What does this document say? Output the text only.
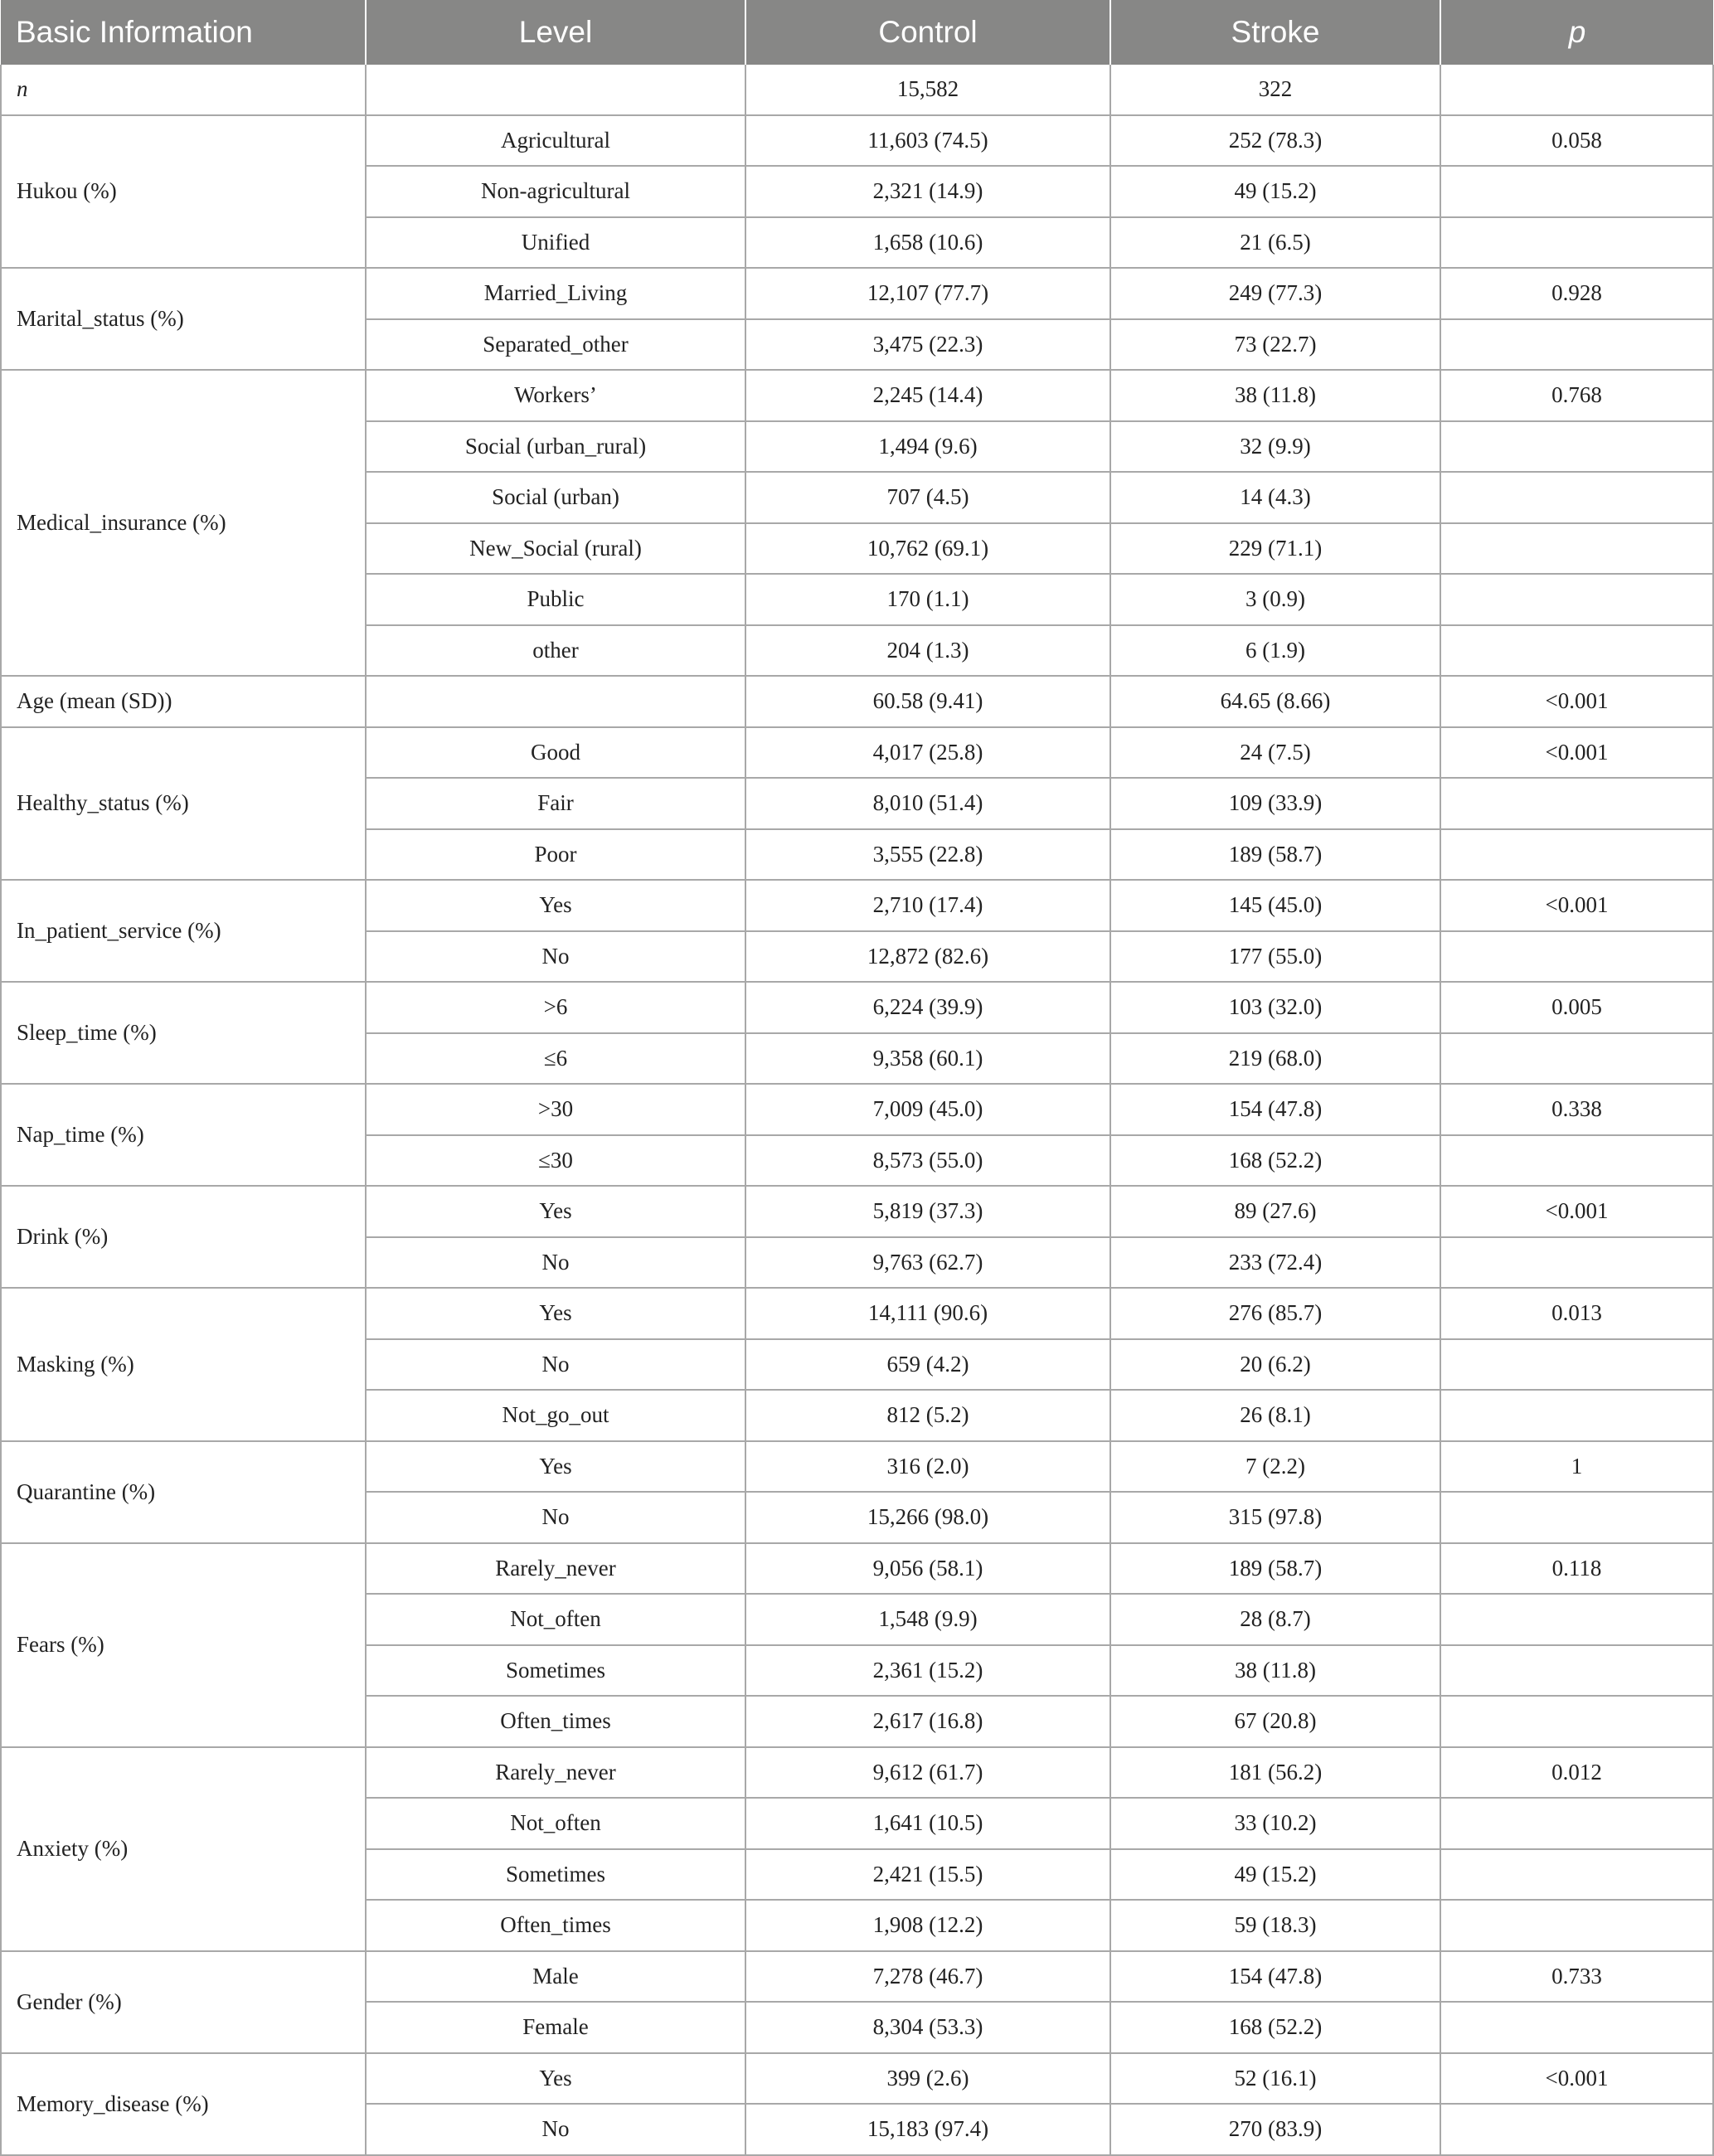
Basic Information	Level	Control	Stroke	p
n		15,582	322	
Hukou (%)	Agricultural	11,603 (74.5)	252 (78.3)	0.058
	Non-agricultural	2,321 (14.9)	49 (15.2)	
	Unified	1,658 (10.6)	21 (6.5)	
Marital_status (%)	Married_Living	12,107 (77.7)	249 (77.3)	0.928
	Separated_other	3,475 (22.3)	73 (22.7)	
Medical_insurance (%)	Workers’	2,245 (14.4)	38 (11.8)	0.768
	Social (urban_rural)	1,494 (9.6)	32 (9.9)	
	Social (urban)	707 (4.5)	14 (4.3)	
	New_Social (rural)	10,762 (69.1)	229 (71.1)	
	Public	170 (1.1)	3 (0.9)	
	other	204 (1.3)	6 (1.9)	
Age (mean (SD))		60.58 (9.41)	64.65 (8.66)	<0.001
Healthy_status (%)	Good	4,017 (25.8)	24 (7.5)	<0.001
	Fair	8,010 (51.4)	109 (33.9)	
	Poor	3,555 (22.8)	189 (58.7)	
In_patient_service (%)	Yes	2,710 (17.4)	145 (45.0)	<0.001
	No	12,872 (82.6)	177 (55.0)	
Sleep_time (%)	>6	6,224 (39.9)	103 (32.0)	0.005
	≤6	9,358 (60.1)	219 (68.0)	
Nap_time (%)	>30	7,009 (45.0)	154 (47.8)	0.338
	≤30	8,573 (55.0)	168 (52.2)	
Drink (%)	Yes	5,819 (37.3)	89 (27.6)	<0.001
	No	9,763 (62.7)	233 (72.4)	
Masking (%)	Yes	14,111 (90.6)	276 (85.7)	0.013
	No	659 (4.2)	20 (6.2)	
	Not_go_out	812 (5.2)	26 (8.1)	
Quarantine (%)	Yes	316 (2.0)	7 (2.2)	1
	No	15,266 (98.0)	315 (97.8)	
Fears (%)	Rarely_never	9,056 (58.1)	189 (58.7)	0.118
	Not_often	1,548 (9.9)	28 (8.7)	
	Sometimes	2,361 (15.2)	38 (11.8)	
	Often_times	2,617 (16.8)	67 (20.8)	
Anxiety (%)	Rarely_never	9,612 (61.7)	181 (56.2)	0.012
	Not_often	1,641 (10.5)	33 (10.2)	
	Sometimes	2,421 (15.5)	49 (15.2)	
	Often_times	1,908 (12.2)	59 (18.3)	
Gender (%)	Male	7,278 (46.7)	154 (47.8)	0.733
	Female	8,304 (53.3)	168 (52.2)	
Memory_disease (%)	Yes	399 (2.6)	52 (16.1)	<0.001
	No	15,183 (97.4)	270 (83.9)	
